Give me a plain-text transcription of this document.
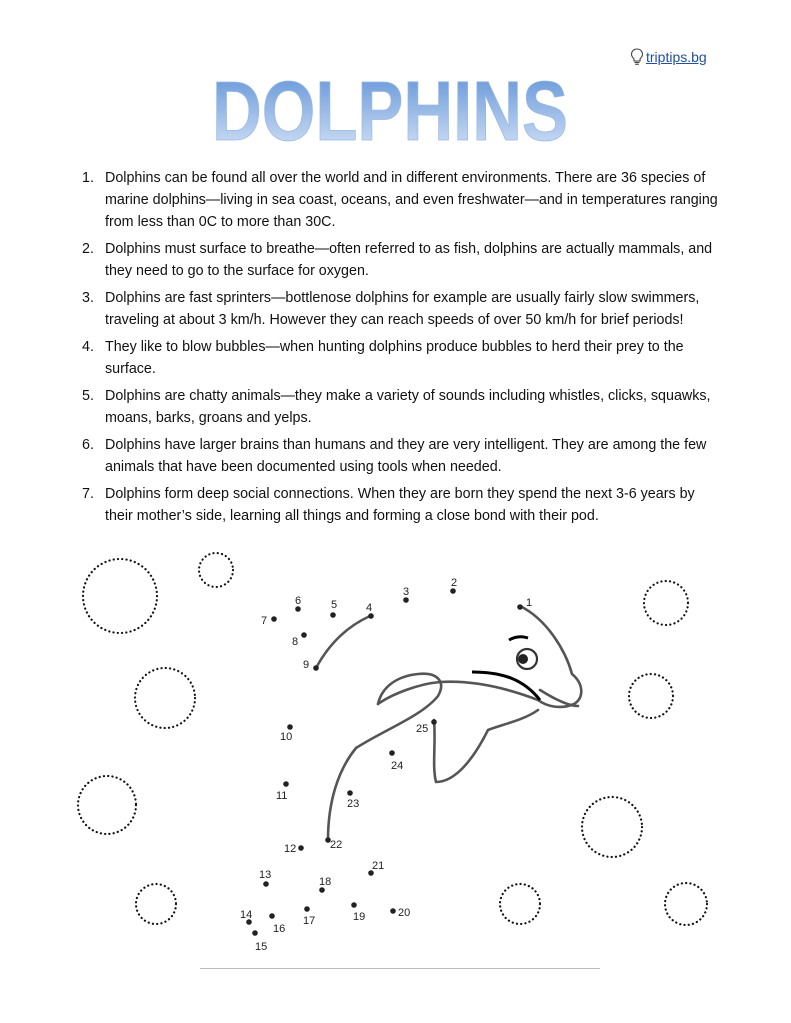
triptips.bg
DOLPHINS
1. Dolphins can be found all over the world and in different environments. There are 36 species of marine dolphins—living in sea coast, oceans, and even freshwater—and in temperatures ranging from less than 0C to more than 30C.
2. Dolphins must surface to breathe—often referred to as fish, dolphins are actually mammals, and they need to go to the surface for oxygen.
3. Dolphins are fast sprinters—bottlenose dolphins for example are usually fairly slow swimmers, traveling at about 3 km/h. However they can reach speeds of over 50 km/h for brief periods!
4. They like to blow bubbles—when hunting dolphins produce bubbles to herd their prey to the surface.
5. Dolphins are chatty animals—they make a variety of sounds including whistles, clicks, squawks, moans, barks, groans and yelps.
6. Dolphins have larger brains than humans and they are very intelligent. They are among the few animals that have been documented using tools when needed.
7. Dolphins form deep social connections. When they are born they spend the next 3-6 years by their mother’s side, learning all things and forming a close bond with their pod.
1
2
3
4
5
6
7
8
9
10
11
12
13
14
15
16
17
18
19	20
21
22
23
24
25
